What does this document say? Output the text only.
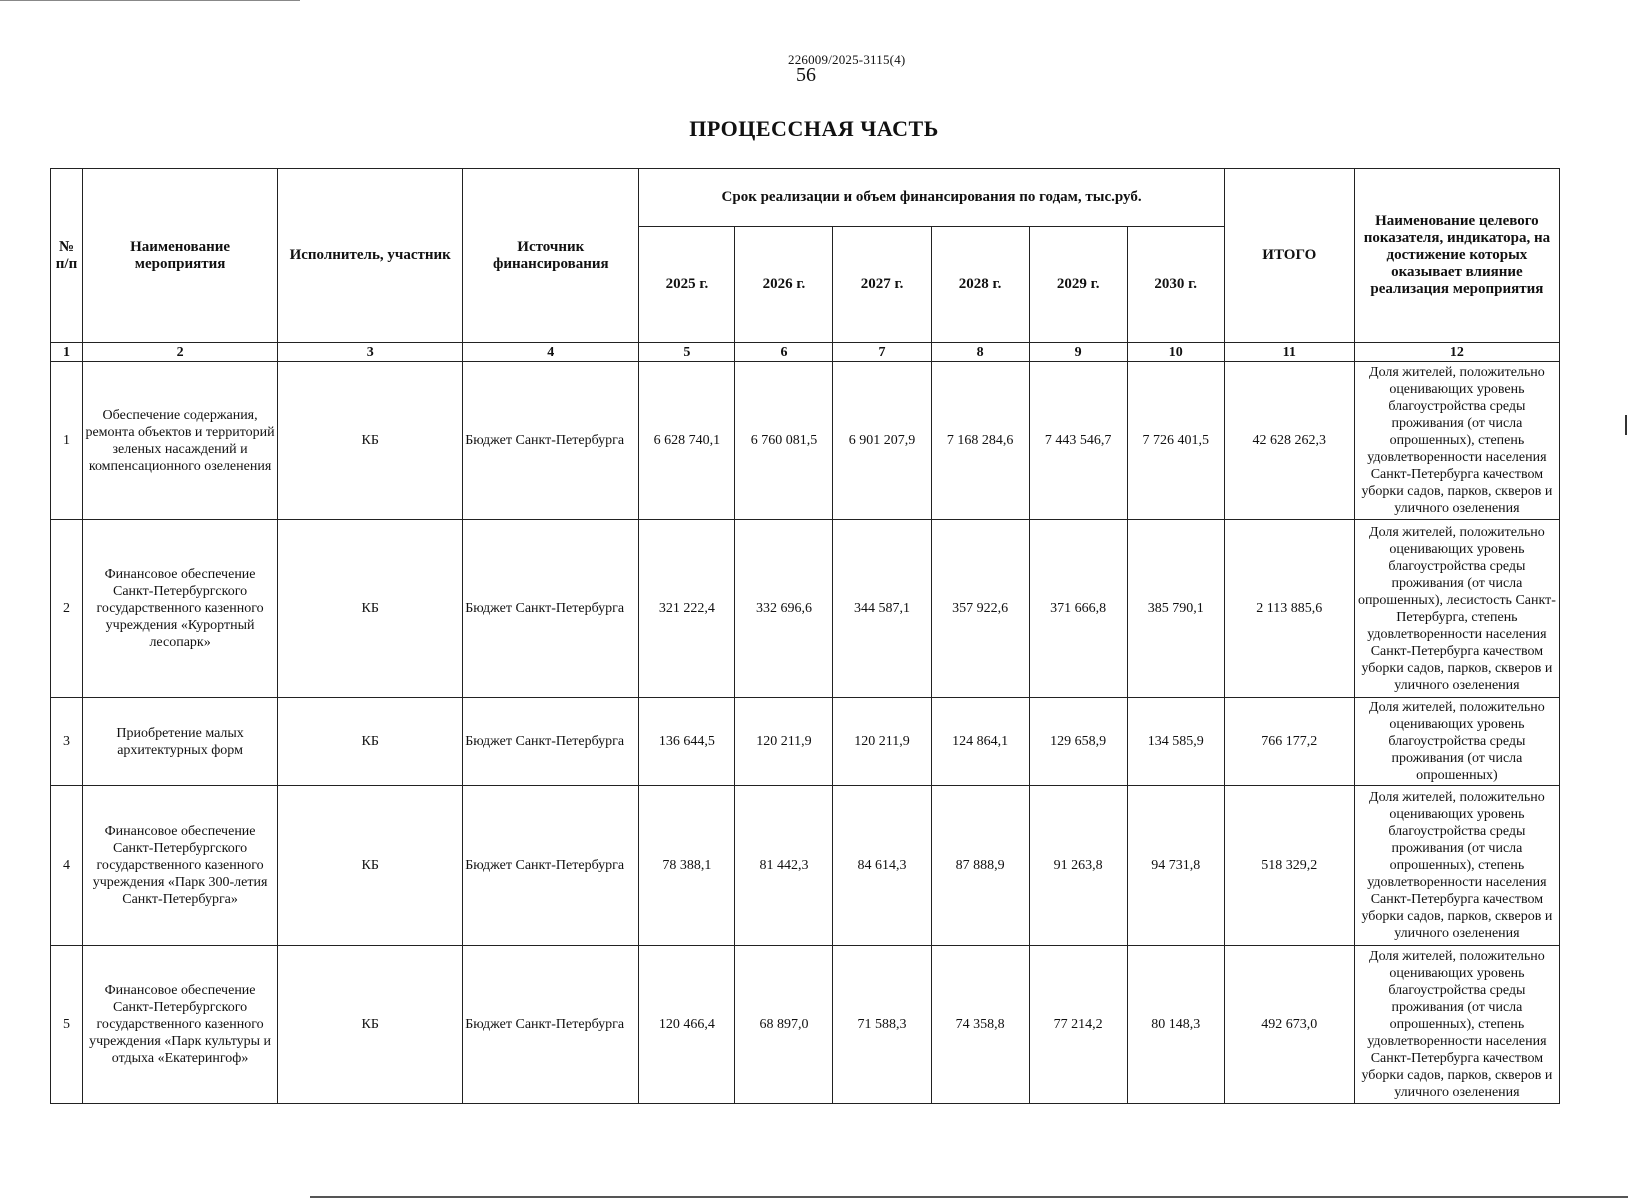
226009/2025-3115(4)
56
ПРОЦЕССНАЯ ЧАСТЬ
№ п/п	Наименование мероприятия	Исполнитель, участник	Источник финансирования	Срок реализации и объем финансирования по годам, тыс.руб.						ИТОГО	Наименование целевого показателя, индикатора, на достижение которых оказывает влияние реализация мероприятия
				2025 г.	2026 г.	2027 г.	2028 г.	2029 г.	2030 г.		
1	2	3	4	5	6	7	8	9	10	11	12
1	Обеспечение содержания, ремонта объектов и территорий зеленых насаждений и компенсационного озеленения	КБ	Бюджет Санкт-Петербурга	6 628 740,1	6 760 081,5	6 901 207,9	7 168 284,6	7 443 546,7	7 726 401,5	42 628 262,3	Доля жителей, положительно оценивающих уровень благоустройства среды проживания (от числа опрошенных), степень удовлетворенности населения Санкт-Петербурга качеством уборки садов, парков, скверов и уличного озеленения
2	Финансовое обеспечение Санкт-Петербургского государственного казенного учреждения «Курортный лесопарк»	КБ	Бюджет Санкт-Петербурга	321 222,4	332 696,6	344 587,1	357 922,6	371 666,8	385 790,1	2 113 885,6	Доля жителей, положительно оценивающих уровень благоустройства среды проживания (от числа опрошенных), лесистость Санкт-Петербурга, степень удовлетворенности населения Санкт-Петербурга качеством уборки садов, парков, скверов и уличного озеленения
3	Приобретение малых архитектурных форм	КБ	Бюджет Санкт-Петербурга	136 644,5	120 211,9	120 211,9	124 864,1	129 658,9	134 585,9	766 177,2	Доля жителей, положительно оценивающих уровень благоустройства среды проживания (от числа опрошенных)
4	Финансовое обеспечение Санкт-Петербургского государственного казенного учреждения «Парк 300-летия Санкт-Петербурга»	КБ	Бюджет Санкт-Петербурга	78 388,1	81 442,3	84 614,3	87 888,9	91 263,8	94 731,8	518 329,2	Доля жителей, положительно оценивающих уровень благоустройства среды проживания (от числа опрошенных), степень удовлетворенности населения Санкт-Петербурга качеством уборки садов, парков, скверов и уличного озеленения
5	Финансовое обеспечение Санкт-Петербургского государственного казенного учреждения «Парк культуры и отдыха «Екатерингоф»	КБ	Бюджет Санкт-Петербурга	120 466,4	68 897,0	71 588,3	74 358,8	77 214,2	80 148,3	492 673,0	Доля жителей, положительно оценивающих уровень благоустройства среды проживания (от числа опрошенных), степень удовлетворенности населения Санкт-Петербурга качеством уборки садов, парков, скверов и уличного озеленения
